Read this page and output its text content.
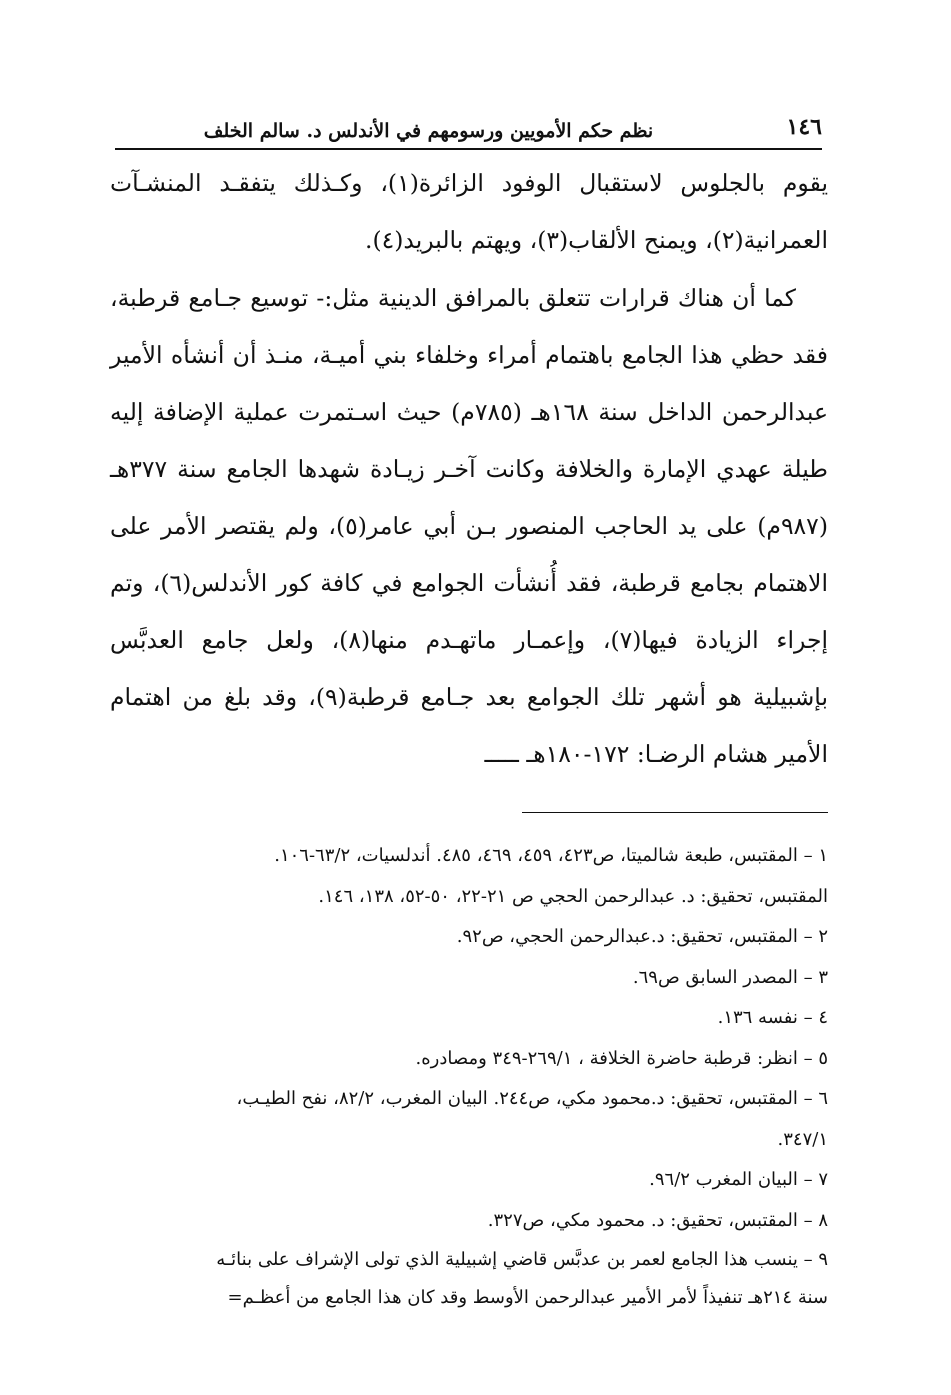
١٤٦
نظم حكم الأمويين ورسومهم في الأندلس د. سالم الخلف

يقوم بالجلوس لاستقبال الوفود الزائرة(١)، وكـذلك يتفقـد المنشـآت العمرانية(٢)، ويمنح الألقاب(٣)، ويهتم بالبريد(٤).

كما أن هناك قرارات تتعلق بالمرافق الدينية مثل:- توسيع جـامع قرطبة، فقد حظي هذا الجامع باهتمام أمراء وخلفاء بني أميـة، منـذ أن أنشأه الأمير عبدالرحمن الداخل سنة ١٦٨هـ (٧٨٥م) حيث اسـتمرت عملية الإضافة إليه طيلة عهدي الإمارة والخلافة وكانت آخـر زيـادة شهدها الجامع سنة ٣٧٧هـ (٩٨٧م) على يد الحاجب المنصور بـن أبي عامر(٥)، ولم يقتصر الأمر على الاهتمام بجامع قرطبة، فقد أُنشأت الجوامع في كافة كور الأندلس(٦)، وتم إجراء الزيادة فيها(٧)، وإعمـار ماتهـدم منها(٨)، ولعل جامع العدبَّس بإشبيلية هو أشهر تلك الجوامع بعد جـامع قرطبة(٩)، وقد بلغ من اهتمام الأمير هشام الرضـا: ١٧٢-١٨٠هـ ـــــ

١ – المقتبس، طبعة شالميتا، ص٤٢٣، ٤٥٩، ٤٦٩، ٤٨٥. أندلسيات، ٦٣/٢-١٠٦.

المقتبس، تحقيق: د. عبدالرحمن الحجي ص ٢١-٢٢، ٥٠-٥٢، ١٣٨، ١٤٦.

٢ – المقتبس، تحقيق: د.عبدالرحمن الحجي، ص٩٢.

٣ – المصدر السابق ص٦٩.

٤ – نفسه ١٣٦.

٥ – انظر: قرطبة حاضرة الخلافة ، ٢٦٩/١-٣٤٩ ومصادره.

٦ – المقتبس، تحقيق: د.محمود مكي، ص٢٤٤. البيان المغرب، ٨٢/٢، نفح الطيـب،

٣٤٧/١.

٧ – البيان المغرب ٩٦/٢.

٨ – المقتبس، تحقيق: د. محمود مكي، ص٣٢٧.

٩ – ينسب هذا الجامع لعمر بن عدبَّس قاضي إشبيلية الذي تولى الإشراف على بنائـه

سنة ٢١٤هـ تنفيذاً لأمر الأمير عبدالرحمن الأوسط وقد كان هذا الجامع من أعظـم=
